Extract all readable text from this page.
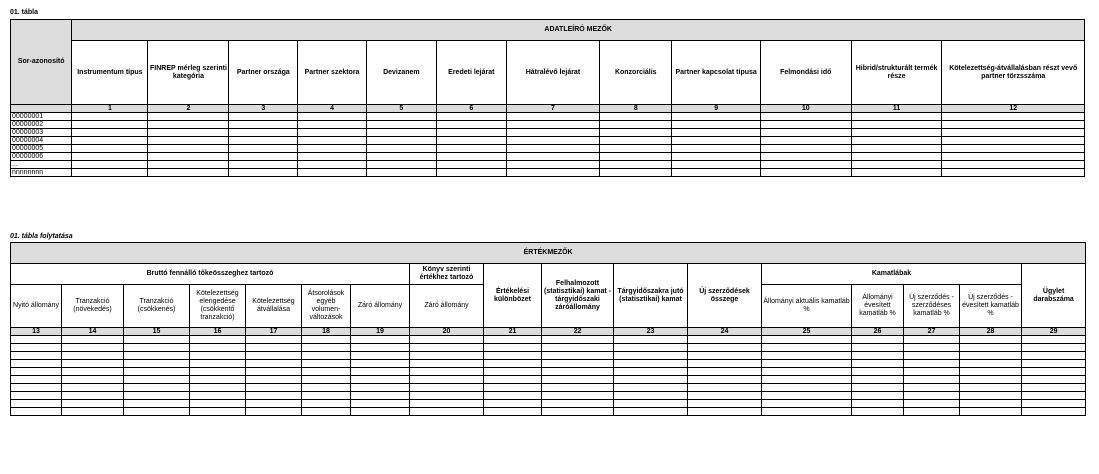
01. tábla
Sor-azonosító	ADATLEÍRÓ MEZŐK											
	Instrumentum típus	FINREP mérleg szerinti kategória	Partner országa	Partner szektora	Devizanem	Eredeti lejárat	Hátralévő lejárat	Konzorciális	Partner kapcsolat típusa	Felmondási idő	Hibrid/strukturált termék része	Kötelezettség-átvállalásban részt vevő partner törzsszáma
	1	2	3	4	5	6	7	8	9	10	11	12
00000001												
00000002												
00000003												
00000004												
00000005												
00000006												
...												
nnnnnnnn												
01. tábla folytatása
ÉRTÉKMEZŐK																
Bruttó fennálló tőkeösszeghez tartozó							Könyv szerinti értékhez tartozó	Értékelési különbözet	Felhalmozott (statisztikai) kamat - tárgyidőszaki záróállomány	Tárgyidőszakra jutó (statisztikai) kamat	Új szerződések összege	Kamatlábak				Ügylet darabszáma
Nyitó állomány	Tranzakció (növekedés)	Tranzakció (csökkenés)	Kötelezettség elengedése (csökkentő tranzakció)	Kötelezettség átvállalása	Átsorolások egyéb volumen-változások	Záró állomány	Záró állomány					Állományi aktuális kamatláb %	Állományi évesített kamatláb %	Új szerződés - szerződéses kamatláb %	Új szerződés - évesített kamatláb %	
13	14	15	16	17	18	19	20	21	22	23	24	25	26	27	28	29
